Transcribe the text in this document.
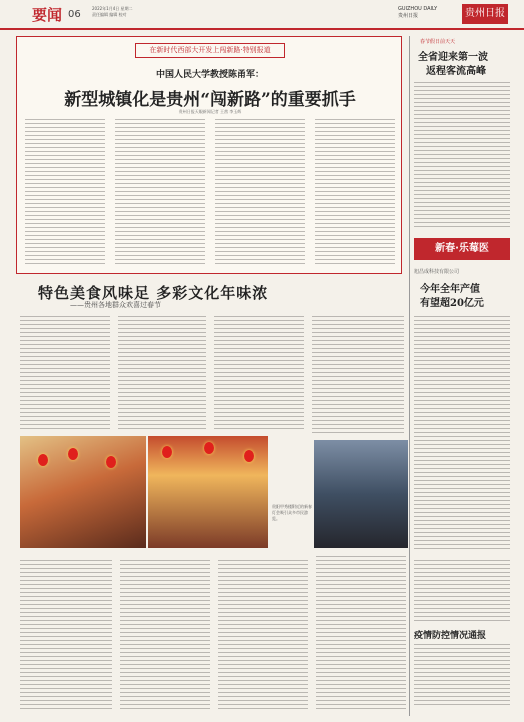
要闻 06
2022年1月4日 星期二
责任编辑 编辑 校对
GUIZHOU DAILY
贵州日报	贵州日报
在新时代西部大开发上闯新路·特别报道
中国人民大学教授陈甬军：
新型城镇化是贵州“闯新路”的重要抓手
贵州日报天眼新闻记者 王茜 李玉辉
春节假日前天天
全省迎来第一波
返程客流高峰
新春·乐莓医
旭昌成科技有限公司
今年全年产值
有望超20亿元
特色美食风味足 多彩文化年味浓
——贵州各地群众欢喜过春节
贵阳甲秀楼附近的新春灯会吸引众多市民游览。
疫情防控情况通报
